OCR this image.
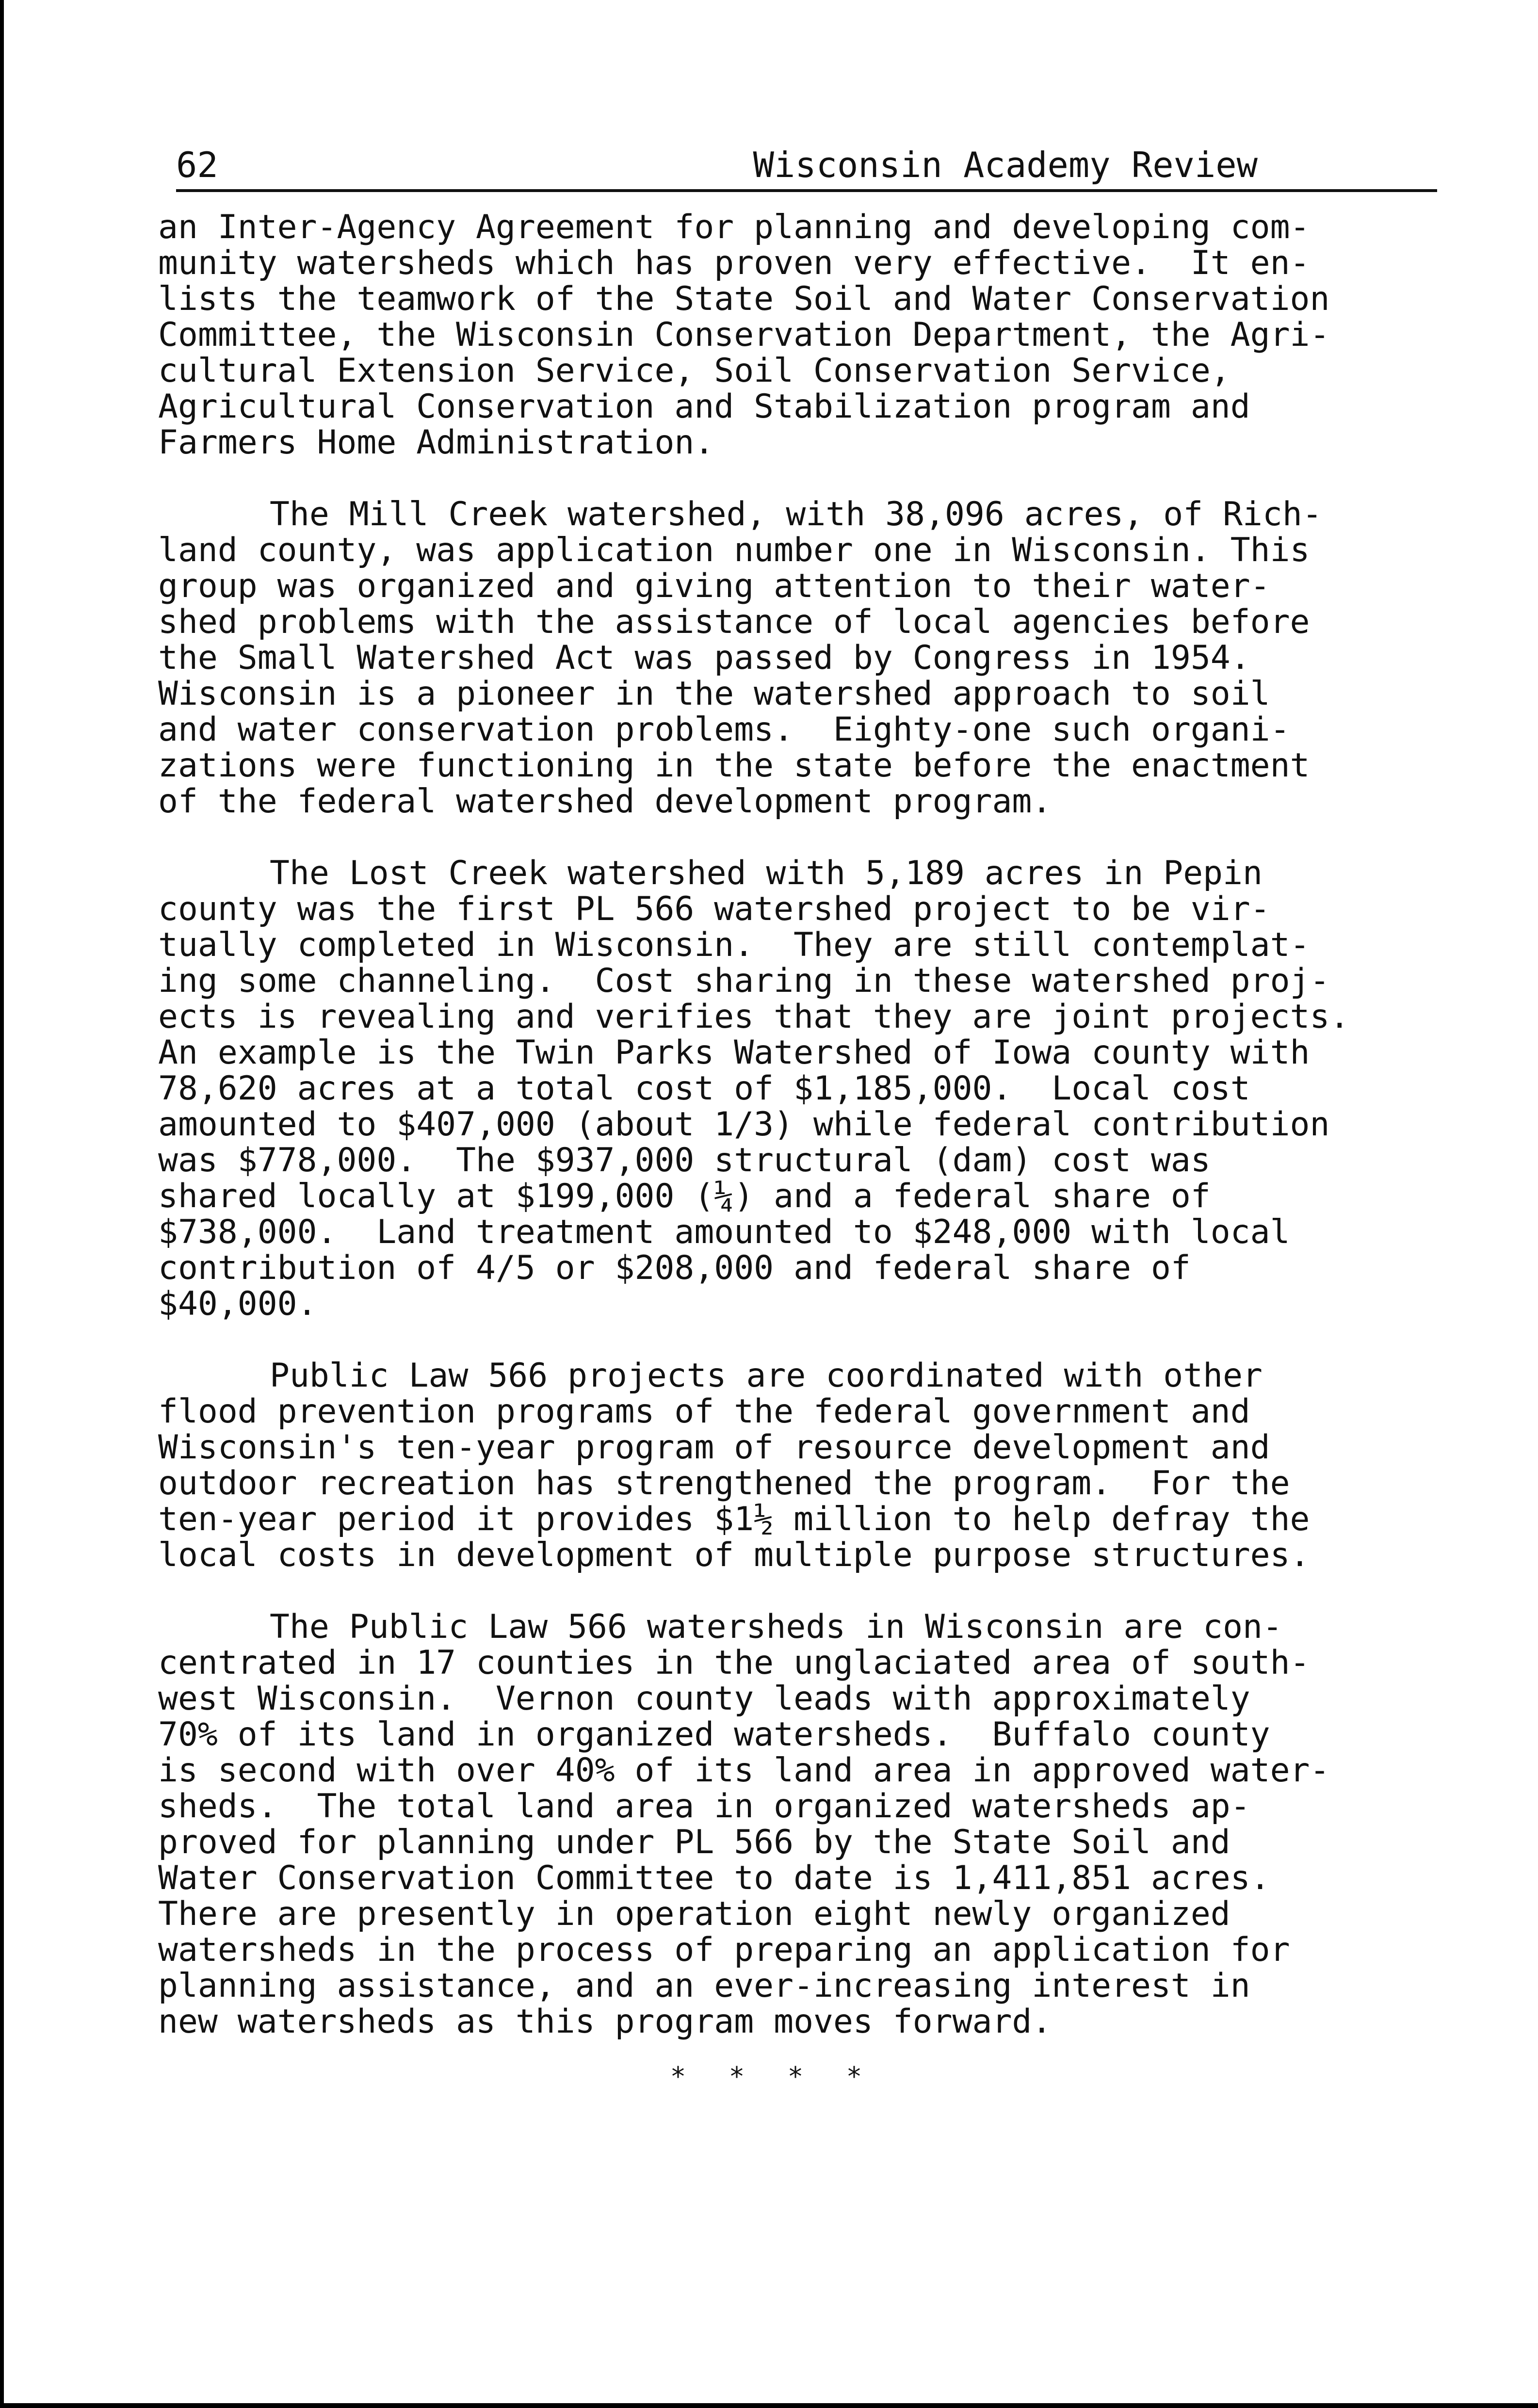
62	Wisconsin Academy Review
an Inter-Agency Agreement for planning and developing com-
munity watersheds which has proven very effective.  It en-
lists the teamwork of the State Soil and Water Conservation
Committee, the Wisconsin Conservation Department, the Agri-
cultural Extension Service, Soil Conservation Service,
Agricultural Conservation and Stabilization program and
Farmers Home Administration.
The Mill Creek watershed, with 38,096 acres, of Rich-
land county, was application number one in Wisconsin. This
group was organized and giving attention to their water-
shed problems with the assistance of local agencies before
the Small Watershed Act was passed by Congress in 1954.
Wisconsin is a pioneer in the watershed approach to soil
and water conservation problems.  Eighty-one such organi-
zations were functioning in the state before the enactment
of the federal watershed development program.
The Lost Creek watershed with 5,189 acres in Pepin
county was the first PL 566 watershed project to be vir-
tually completed in Wisconsin.  They are still contemplat-
ing some channeling.  Cost sharing in these watershed proj-
ects is revealing and verifies that they are joint projects.
An example is the Twin Parks Watershed of Iowa county with
78,620 acres at a total cost of $1,185,000.  Local cost
amounted to $407,000 (about 1/3) while federal contribution
was $778,000.  The $937,000 structural (dam) cost was
shared locally at $199,000 (¼) and a federal share of
$738,000.  Land treatment amounted to $248,000 with local
contribution of 4/5 or $208,000 and federal share of
$40,000.
Public Law 566 projects are coordinated with other
flood prevention programs of the federal government and
Wisconsin's ten-year program of resource development and
outdoor recreation has strengthened the program.  For the
ten-year period it provides $1½ million to help defray the
local costs in development of multiple purpose structures.
The Public Law 566 watersheds in Wisconsin are con-
centrated in 17 counties in the unglaciated area of south-
west Wisconsin.  Vernon county leads with approximately
70% of its land in organized watersheds.  Buffalo county
is second with over 40% of its land area in approved water-
sheds.  The total land area in organized watersheds ap-
proved for planning under PL 566 by the State Soil and
Water Conservation Committee to date is 1,411,851 acres.
There are presently in operation eight newly organized
watersheds in the process of preparing an application for
planning assistance, and an ever-increasing interest in
new watersheds as this program moves forward.
* * * *
